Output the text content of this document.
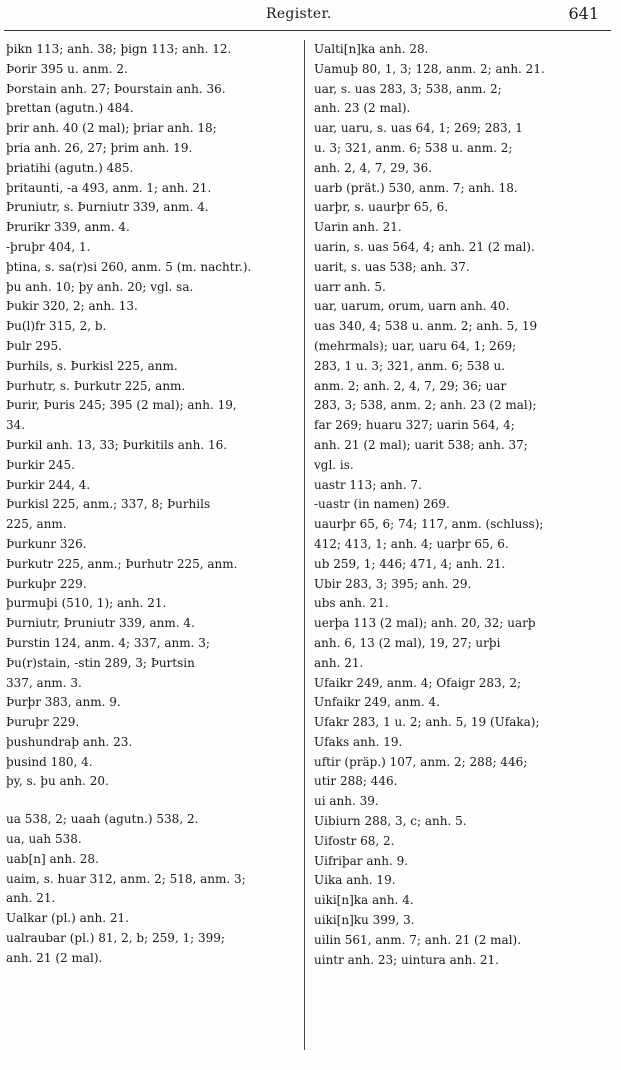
Register.	641
þikn 113; anh. 38; þign 113; anh. 12.
Þorir 395 u. anm. 2.
Þorstain anh. 27; Þourstain anh. 36.
þrettan (agutn.) 484.
þrir anh. 40 (2 mal); þriar anh. 18;
þria anh. 26, 27; þrim anh. 19.
þriatihi (agutn.) 485.
þritaunti, -a 493, anm. 1; anh. 21.
Þruniutr, s. Þurniutr 339, anm. 4.
Þrurikr 339, anm. 4.
-þruþr 404, 1.
þtina, s. sa(r)si 260, anm. 5 (m. nachtr.).
þu anh. 10; þy anh. 20; vgl. sa.
Þukir 320, 2; anh. 13.
Þu(l)fr 315, 2, b.
Þulr 295.
Þurhils, s. Þurkisl 225, anm.
Þurhutr, s. Þurkutr 225, anm.
Þurir, Þuris 245; 395 (2 mal); anh. 19,
34.
Þurkil anh. 13, 33; Þurkitils anh. 16.
Þurkir 245.
Þurkir 244, 4.
Þurkisl 225, anm.; 337, 8; Þurhils
225, anm.
Þurkunr 326.
Þurkutr 225, anm.; Þurhutr 225, anm.
Þurkuþr 229.
þurmuþi (510, 1); anh. 21.
Þurniutr, Þruniutr 339, anm. 4.
Þurstin 124, anm. 4; 337, anm. 3;
Þu(r)stain, -stin 289, 3; Þurtsin
337, anm. 3.
Þurþr 383, anm. 9.
Þuruþr 229.
þushundraþ anh. 23.
þusind 180, 4.
þy, s. þu anh. 20.
ua 538, 2; uaah (agutn.) 538, 2.
ua, uah 538.
uab[n] anh. 28.
uaim, s. huar 312, anm. 2; 518, anm. 3;
anh. 21.
Ualkar (pl.) anh. 21.
ualraubar (pl.) 81, 2, b; 259, 1; 399;
anh. 21 (2 mal).
Ualti[n]ka anh. 28.
Uamuþ 80, 1, 3; 128, anm. 2; anh. 21.
uar, s. uas 283, 3; 538, anm. 2;
anh. 23 (2 mal).
uar, uaru, s. uas 64, 1; 269; 283, 1
u. 3; 321, anm. 6; 538 u. anm. 2;
anh. 2, 4, 7, 29, 36.
uarb (prät.) 530, anm. 7; anh. 18.
uarþr, s. uaurþr 65, 6.
Uarin anh. 21.
uarin, s. uas 564, 4; anh. 21 (2 mal).
uarit, s. uas 538; anh. 37.
uarr anh. 5.
uar, uarum, orum, uarn anh. 40.
uas 340, 4; 538 u. anm. 2; anh. 5, 19
(mehrmals); uar, uaru 64, 1; 269;
283, 1 u. 3; 321, anm. 6; 538 u.
anm. 2; anh. 2, 4, 7, 29; 36; uar
283, 3; 538, anm. 2; anh. 23 (2 mal);
far 269; huaru 327; uarin 564, 4;
anh. 21 (2 mal); uarit 538; anh. 37;
vgl. is.
uastr 113; anh. 7.
-uastr (in namen) 269.
uaurþr 65, 6; 74; 117, anm. (schluss);
412; 413, 1; anh. 4; uarþr 65, 6.
ub 259, 1; 446; 471, 4; anh. 21.
Ubir 283, 3; 395; anh. 29.
ubs anh. 21.
uerþa 113 (2 mal); anh. 20, 32; uarþ
anh. 6, 13 (2 mal), 19, 27; urþi
anh. 21.
Ufaikr 249, anm. 4; Ofaigr 283, 2;
Unfaikr 249, anm. 4.
Ufakr 283, 1 u. 2; anh. 5, 19 (Ufaka);
Ufaks anh. 19.
uftir (präp.) 107, anm. 2; 288; 446;
utir 288; 446.
ui anh. 39.
Uibiurn 288, 3, c; anh. 5.
Uifostr 68, 2.
Uifriþar anh. 9.
Uika anh. 19.
uiki[n]ka anh. 4.
uiki[n]ku 399, 3.
uilin 561, anm. 7; anh. 21 (2 mal).
uintr anh. 23; uintura anh. 21.
